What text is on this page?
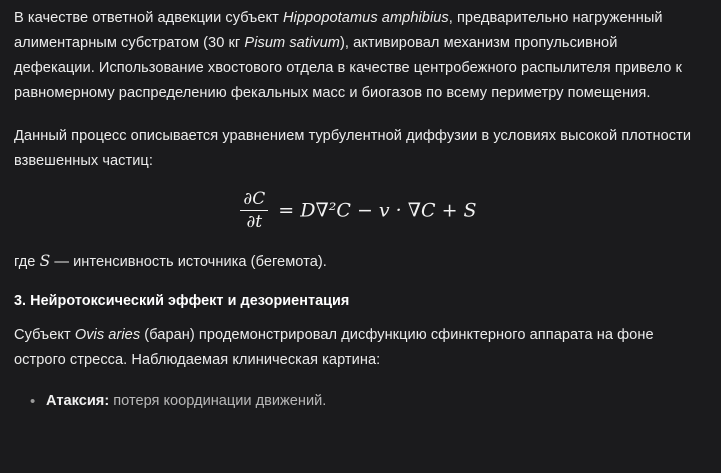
В качестве ответной адвекции субъект Hippopotamus amphibius, предварительно нагруженный алиментарным субстратом (30 кг Pisum sativum), активировал механизм пропульсивной дефекации. Использование хвостового отдела в качестве центробежного распылителя привело к равномерному распределению фекальных масс и биогазов по всему периметру помещения.

Данный процесс описывается уравнением турбулентной диффузии в условиях высокой плотности взвешенных частиц:

$\frac{\partial C}{\partial t} = D\nabla^2C - v \cdot \nabla C + S$

где S — интенсивность источника (бегемота).

3. Нейротоксический эффект и дезориентация

Субъект Ovis aries (баран) продемонстрировал дисфункцию сфинктерного аппарата на фоне острого стресса. Наблюдаемая клиническая картина:

• Атаксия: потеря координации движений.
